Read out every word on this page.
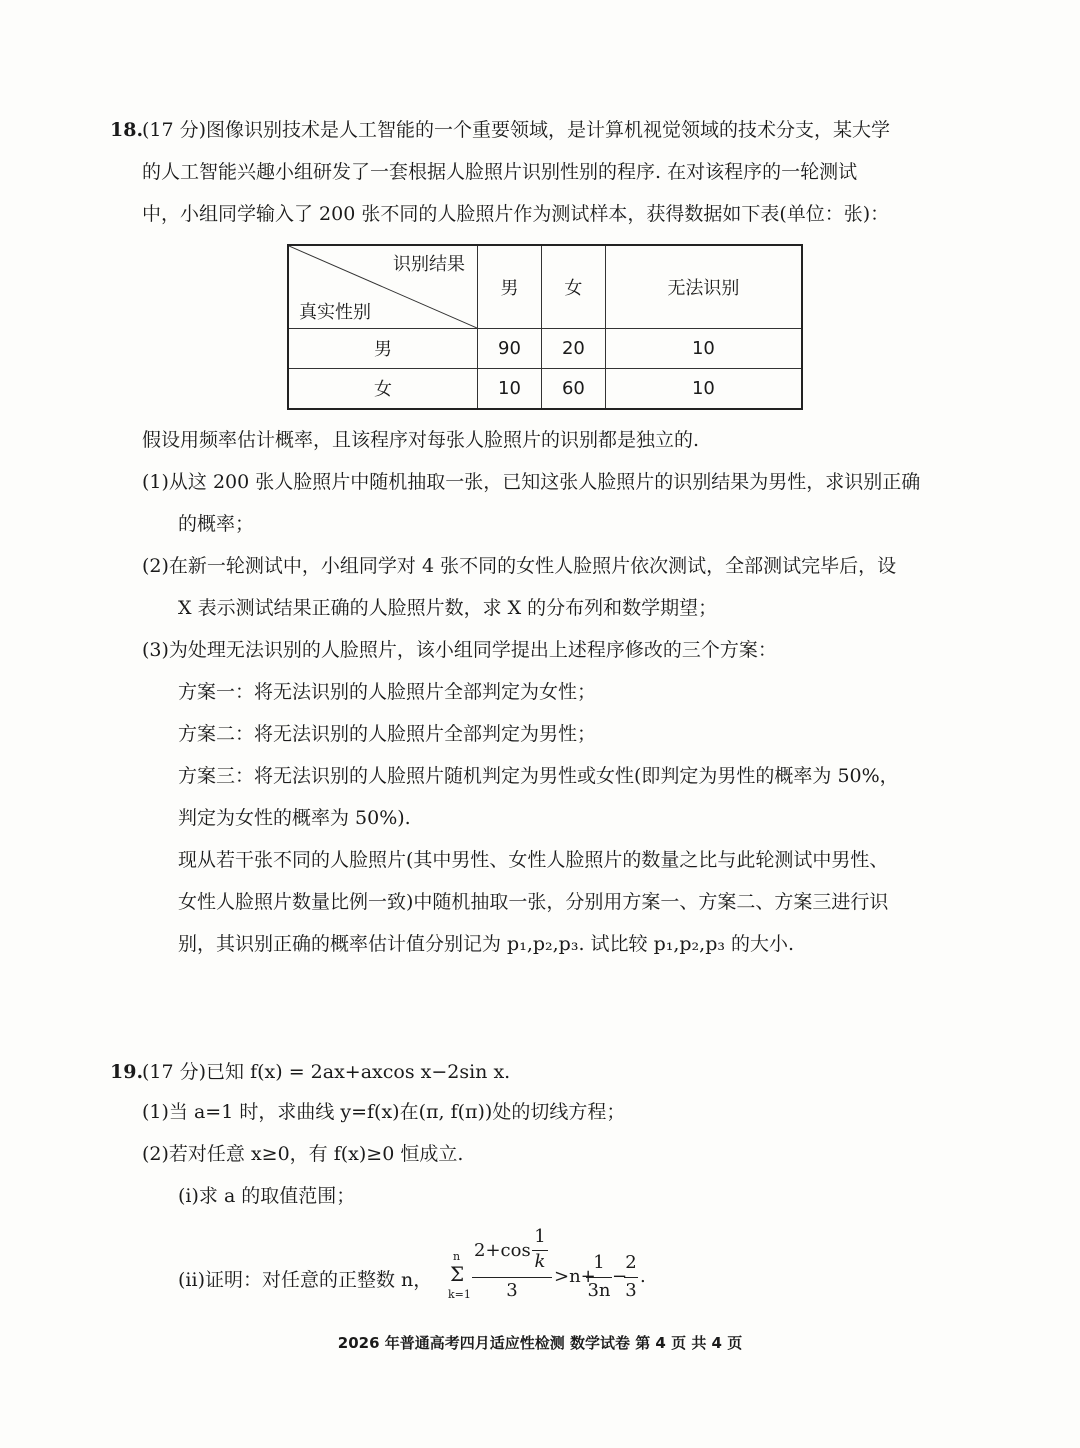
18.
(17 分)图像识别技术是人工智能的一个重要领域，是计算机视觉领域的技术分支，某大学
的人工智能兴趣小组研发了一套根据人脸照片识别性别的程序. 在对该程序的一轮测试
中，小组同学输入了 200 张不同的人脸照片作为测试样本，获得数据如下表(单位：张)：
识别结果
真实性别	男	女	无法识别
男	90	20	10
女	10	60	10
假设用频率估计概率，且该程序对每张人脸照片的识别都是独立的.
(1)从这 200 张人脸照片中随机抽取一张，已知这张人脸照片的识别结果为男性，求识别正确
的概率；
(2)在新一轮测试中，小组同学对 4 张不同的女性人脸照片依次测试，全部测试完毕后，设
X 表示测试结果正确的人脸照片数，求 X 的分布列和数学期望；
(3)为处理无法识别的人脸照片，该小组同学提出上述程序修改的三个方案：
方案一：将无法识别的人脸照片全部判定为女性；
方案二：将无法识别的人脸照片全部判定为男性；
方案三：将无法识别的人脸照片随机判定为男性或女性(即判定为男性的概率为 50%，
判定为女性的概率为 50%).
现从若干张不同的人脸照片(其中男性、女性人脸照片的数量之比与此轮测试中男性、
女性人脸照片数量比例一致)中随机抽取一张，分别用方案一、方案二、方案三进行识
别，其识别正确的概率估计值分别记为 p₁,p₂,p₃. 试比较 p₁,p₂,p₃ 的大小.
19.
(17 分)已知 f(x) = 2ax+axcos x−2sin x.
(1)当 a=1 时，求曲线 y=f(x)在(π, f(π))处的切线方程；
(2)若对任意 x≥0，有 f(x)≥0 恒成立.
(i)求 a 的取值范围；
(ii)证明：对任意的正整数 n，
n
Σ
k=1
2+cos
1
k
3
>n+
1
3n
−
2
3
.
2026 年普通高考四月适应性检测 数学试卷 第 4 页 共 4 页
